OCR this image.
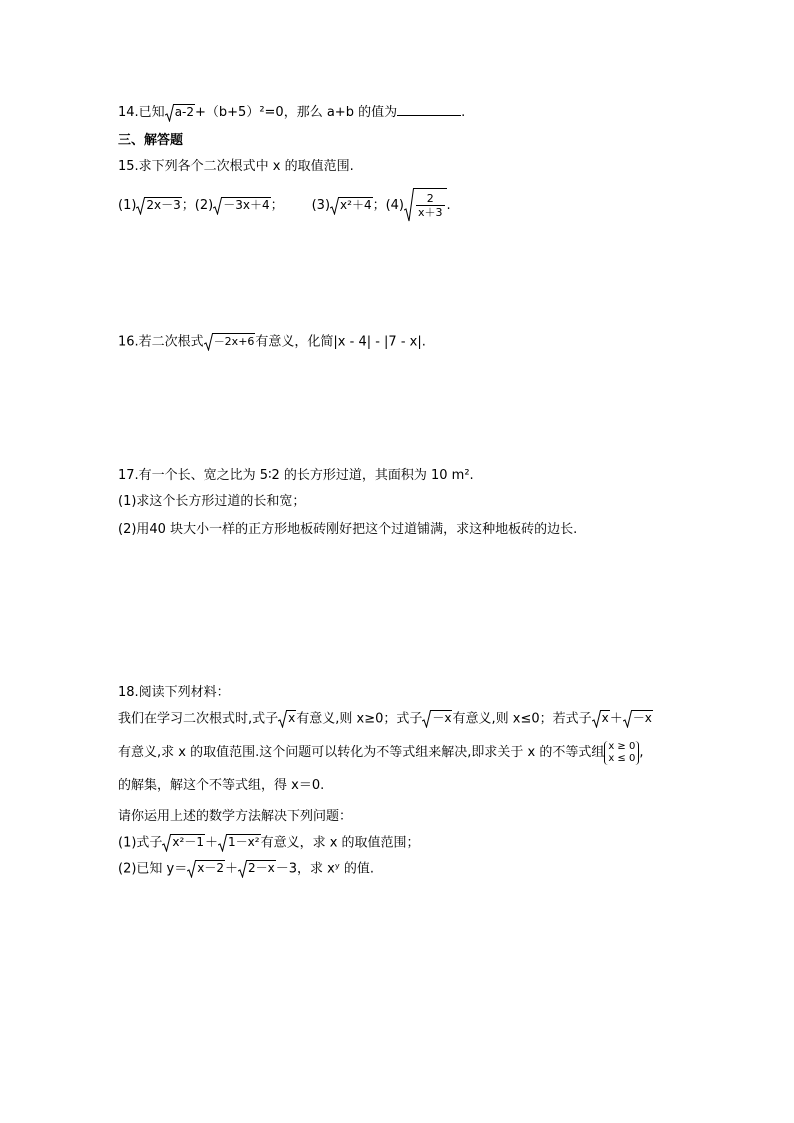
14.已知 a-2 +（b+5）²=0，那么 a+b 的值为	.
三、解答题
15.求下列各个二次根式中 x 的取值范围.
(1) 2x－3 ；(2) －3x＋4 ； (3) x²＋4 ；$(4) \frac{2}{x+3}$ .
16.若二次根式 －2x+6 有意义，化简|x - 4| - |7 - x|.
17.有一个长、宽之比为 5∶2 的长方形过道，其面积为 10 m².
(1)求这个长方形过道的长和宽；
(2)用40 块大小一样的正方形地板砖刚好把这个过道铺满，求这种地板砖的边长.
18.阅读下列材料：
我们在学习二次根式时,式子 x 有意义,则 x≥0；式子 －x 有意义,则 x≤0；若式子 x ＋ －x
有意义,求 x 的取值范围.这个问题可以转化为不等式组来解决,即求关于 x 的不等式组 x ≥ 0
x ≤ 0 ,
的解集，解这个不等式组，得 x＝0.
请你运用上述的数学方法解决下列问题：
(1)式子 x²－1 ＋ 1－x² 有意义，求 x 的取值范围；
(2)已知 y＝ x－2 ＋ 2－x －3，求 xʸ 的值.
